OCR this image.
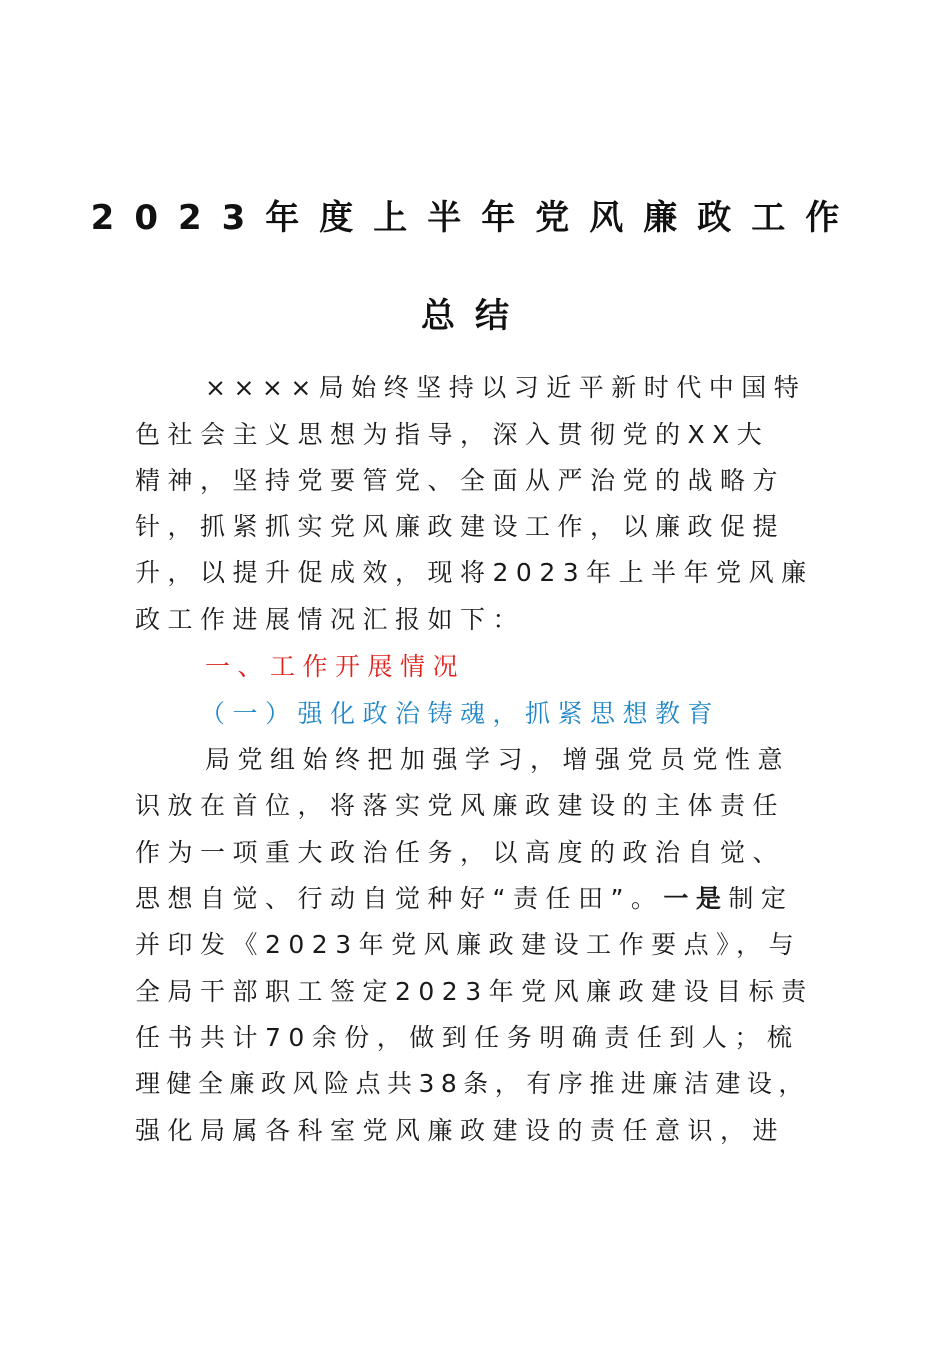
2023年度上半年党风廉政工作
总结
××××局始终坚持以习近平新时代中国特
色社会主义思想为指导，深入贯彻党的XX大
精神，坚持党要管党、全面从严治党的战略方
针，抓紧抓实党风廉政建设工作，以廉政促提
升，以提升促成效，现将2023年上半年党风廉
政工作进展情况汇报如下：
一、工作开展情况
（一）强化政治铸魂，抓紧思想教育
局党组始终把加强学习，增强党员党性意
识放在首位，将落实党风廉政建设的主体责任
作为一项重大政治任务，以高度的政治自觉、
思想自觉、行动自觉种好“责任田”。一是制定
并印发《2023年党风廉政建设工作要点》，与
全局干部职工签定2023年党风廉政建设目标责
任书共计70余份，做到任务明确责任到人；梳
理健全廉政风险点共38条，有序推进廉洁建设，
强化局属各科室党风廉政建设的责任意识，进
